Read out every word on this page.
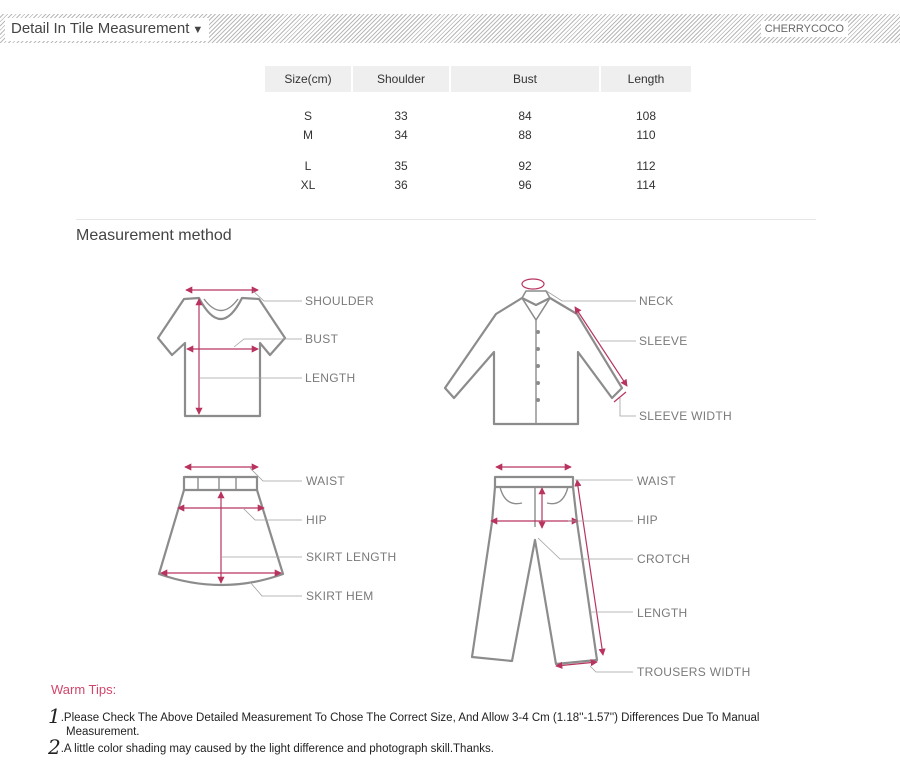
Detail In Tile Measurement ▼	CHERRYCOCO
Size(cm)	Shoulder	Bust	Length
S	33	84	108
M	34	88	110
L	35	92	112
XL	36	96	114
Measurement method
SHOULDER
BUST
LENGTH
NECK
SLEEVE
SLEEVE WIDTH
WAIST
HIP
SKIRT LENGTH
SKIRT HEM
WAIST
HIP
CROTCH
LENGTH
TROUSERS WIDTH
Warm Tips:
1.Please Check The Above Detailed Measurement To Chose The Correct Size, And Allow 3-4 Cm (1.18''-1.57'') Differences Due To Manual
Measurement.
2.A little color shading may caused by the light difference and photograph skill.Thanks.
